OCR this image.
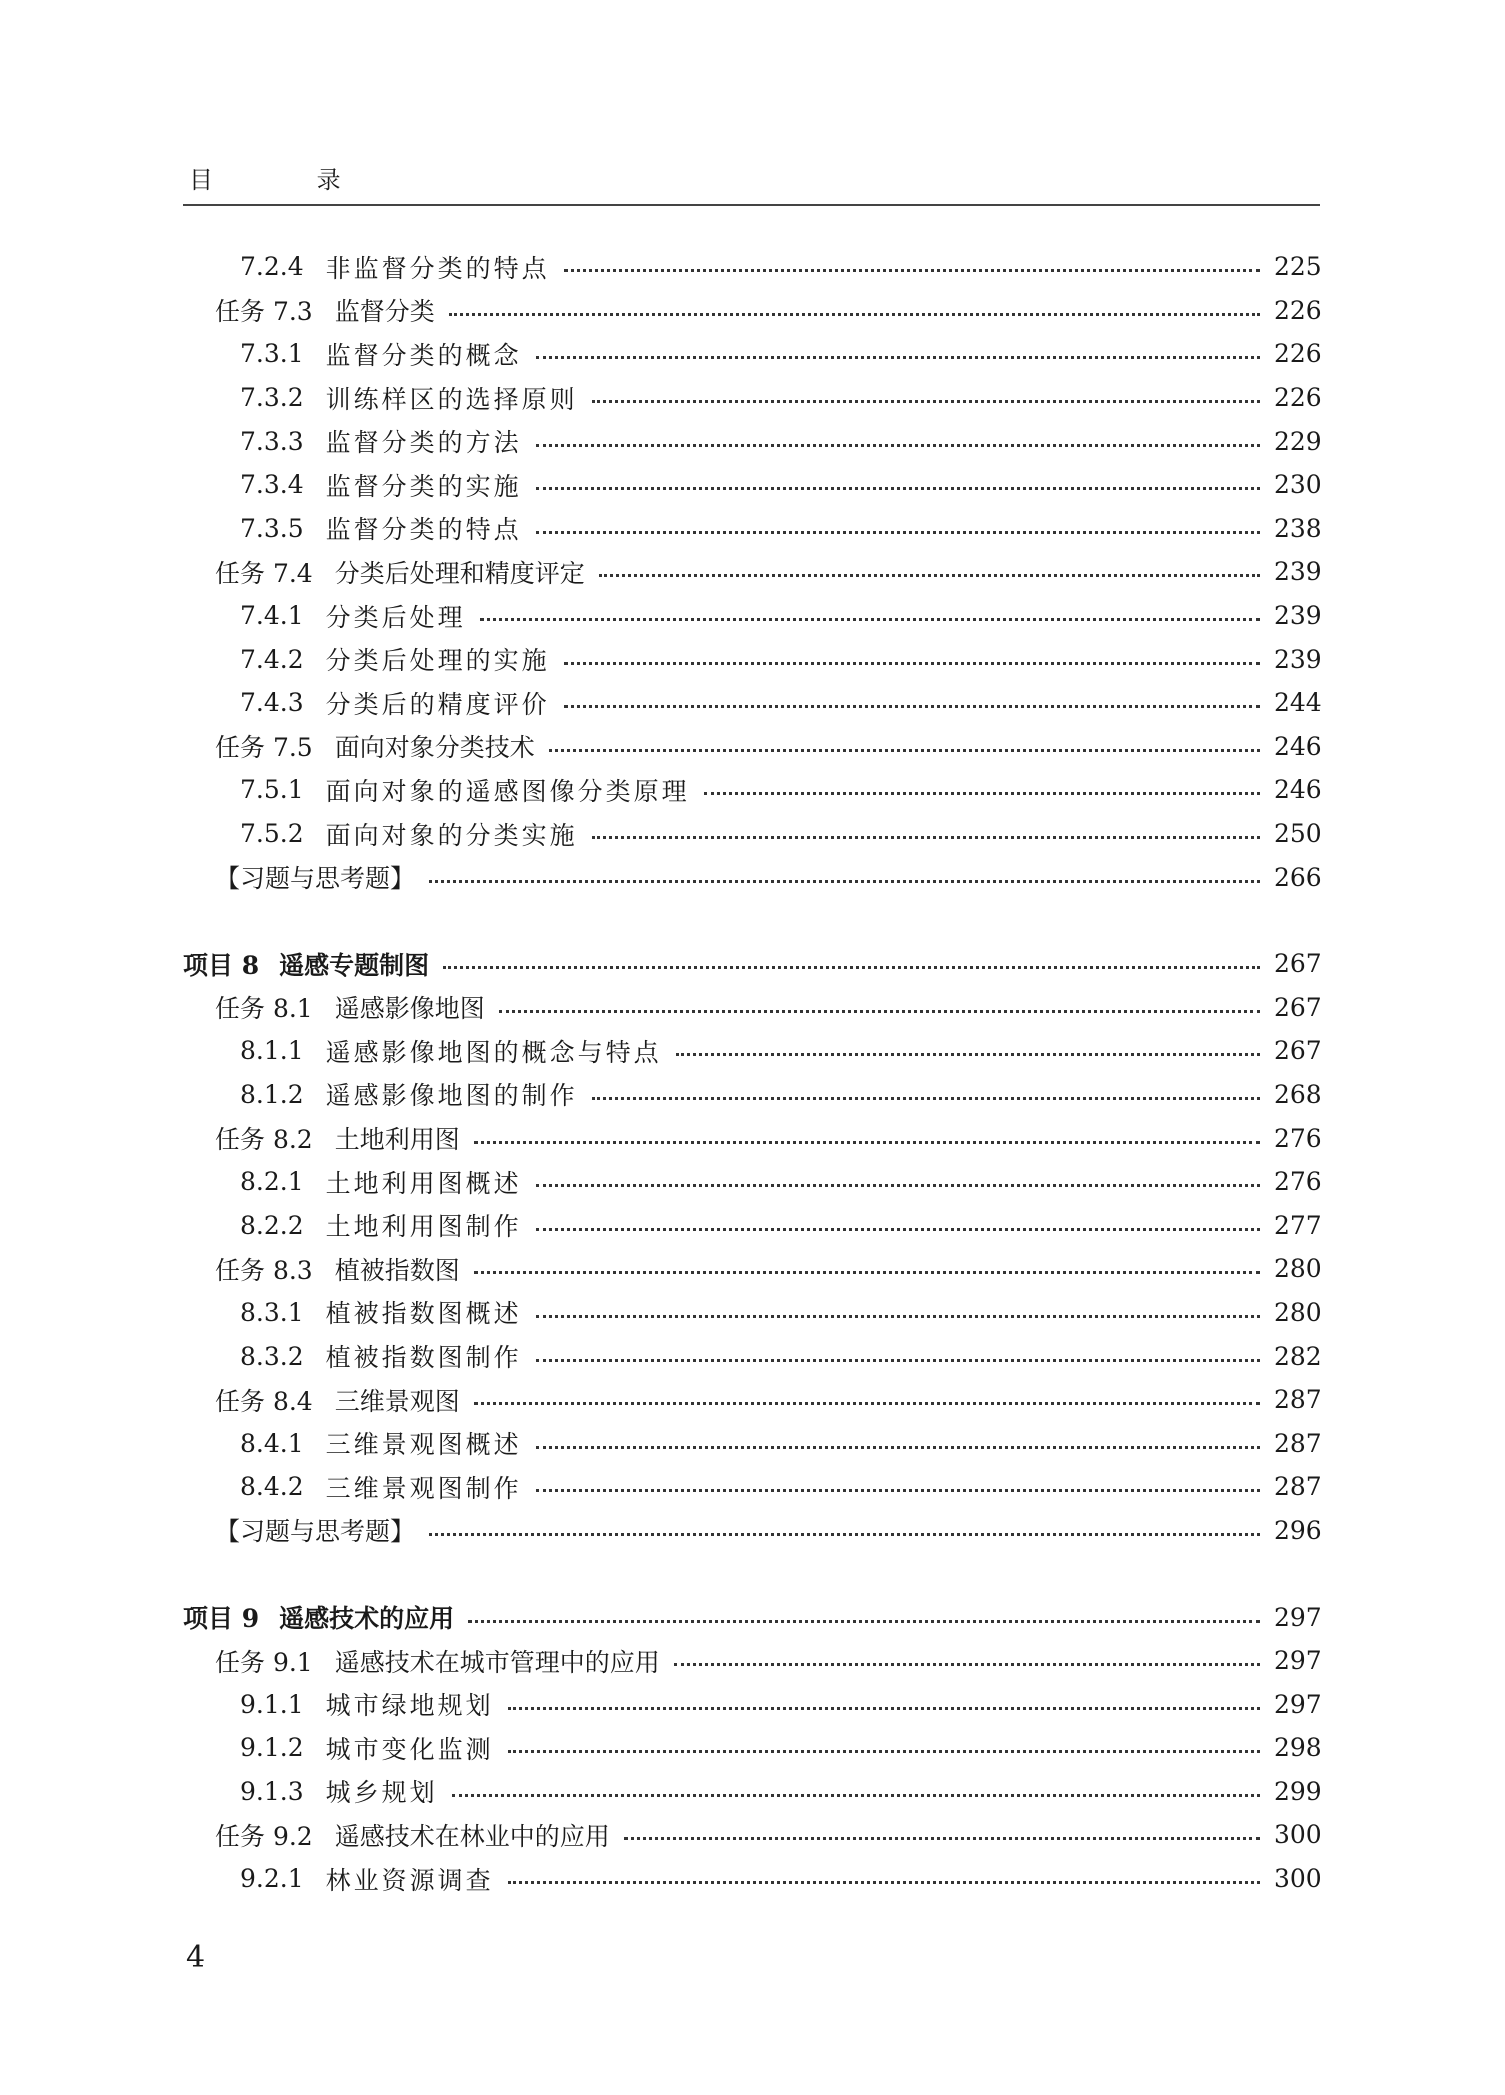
目 录
7.2.4 非监督分类的特点	225
任务 7.3 监督分类	226
7.3.1 监督分类的概念	226
7.3.2 训练样区的选择原则	226
7.3.3 监督分类的方法	229
7.3.4 监督分类的实施	230
7.3.5 监督分类的特点	238
任务 7.4 分类后处理和精度评定	239
7.4.1 分类后处理	239
7.4.2 分类后处理的实施	239
7.4.3 分类后的精度评价	244
任务 7.5 面向对象分类技术	246
7.5.1 面向对象的遥感图像分类原理	246
7.5.2 面向对象的分类实施	250
【习题与思考题】	266
项目 8 遥感专题制图	267
任务 8.1 遥感影像地图	267
8.1.1 遥感影像地图的概念与特点	267
8.1.2 遥感影像地图的制作	268
任务 8.2 土地利用图	276
8.2.1 土地利用图概述	276
8.2.2 土地利用图制作	277
任务 8.3 植被指数图	280
8.3.1 植被指数图概述	280
8.3.2 植被指数图制作	282
任务 8.4 三维景观图	287
8.4.1 三维景观图概述	287
8.4.2 三维景观图制作	287
【习题与思考题】	296
项目 9 遥感技术的应用	297
任务 9.1 遥感技术在城市管理中的应用	297
9.1.1 城市绿地规划	297
9.1.2 城市变化监测	298
9.1.3 城乡规划	299
任务 9.2 遥感技术在林业中的应用	300
9.2.1 林业资源调查	300
4
